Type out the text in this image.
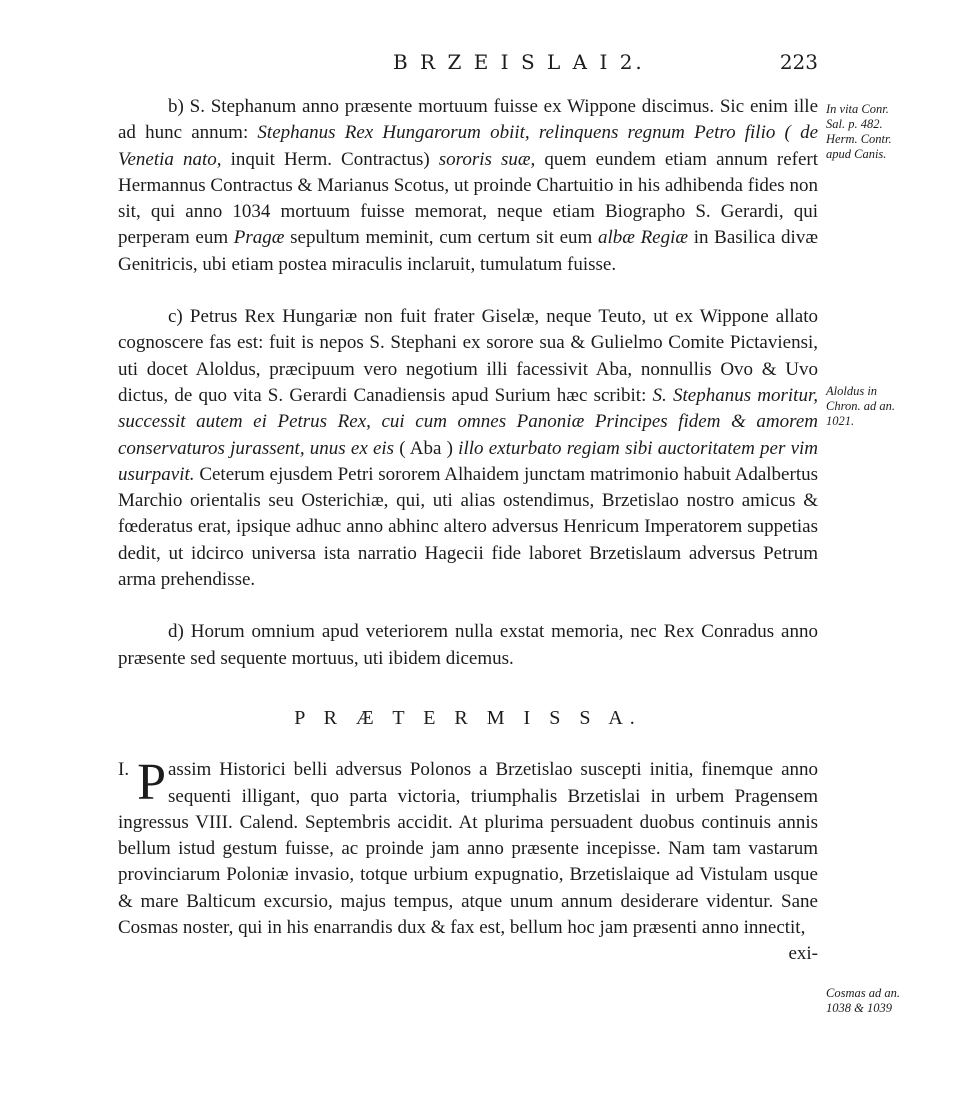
B R Z E I S L A I 2.	223

b) S. Stephanum anno præsente mortuum fuisse ex Wippone discimus. Sic enim ille ad hunc annum: Stephanus Rex Hungarorum obiit, relinquens regnum Petro filio ( de Venetia nato, inquit Herm. Contractus) sororis suæ, quem eundem etiam annum refert Hermannus Contractus & Marianus Scotus, ut proinde Chartuitio in his adhibenda fides non sit, qui anno 1034 mortuum fuisse memorat, neque etiam Biographo S. Gerardi, qui perperam eum Pragæ sepultum meminit, cum certum sit eum albæ Regiæ in Basilica divæ Genitricis, ubi etiam postea miraculis inclaruit, tumulatum fuisse.

c) Petrus Rex Hungariæ non fuit frater Giselæ, neque Teuto, ut ex Wippone allato cognoscere fas est: fuit is nepos S. Stephani ex sorore sua & Gulielmo Comite Pictaviensi, uti docet Aloldus, præcipuum vero negotium illi facessivit Aba, nonnullis Ovo & Uvo dictus, de quo vita S. Gerardi Canadiensis apud Surium hæc scribit: S. Stephanus moritur, successit autem ei Petrus Rex, cui cum omnes Panoniæ Principes fidem & amorem conservaturos jurassent, unus ex eis ( Aba ) illo exturbato regiam sibi auctoritatem per vim usurpavit. Ceterum ejusdem Petri sororem Alhaidem junctam matrimonio habuit Adalbertus Marchio orientalis seu Osterichiæ, qui, uti alias ostendimus, Brzetislao nostro amicus & fœderatus erat, ipsique adhuc anno abhinc altero adversus Henricum Imperatorem suppetias dedit, ut idcirco universa ista narratio Hagecii fide laboret Brzetislaum adversus Petrum arma prehendisse.

d) Horum omnium apud veteriorem nulla exstat memoria, nec Rex Conradus anno præsente sed sequente mortuus, uti ibidem dicemus.

P R Æ T E R M I S S A.

I. P assim Historici belli adversus Polonos a Brzetislao suscepti initia, finemque anno sequenti illigant, quo parta victoria, triumphalis Brzetislai in urbem Pragensem ingressus VIII. Calend. Septembris accidit. At plurima persuadent duobus continuis annis bellum istud gestum fuisse, ac proinde jam anno præsente incepisse. Nam tam vastarum provinciarum Poloniæ invasio, totque urbium expugnatio, Brzetislaique ad Vistulam usque & mare Balticum excursio, majus tempus, atque unum annum desiderare videntur. Sane Cosmas noster, qui in his enarrandis dux & fax est, bellum hoc jam præsenti anno innectit,

exi-

In vita Conr.
Sal. p. 482.
Herm. Contr.
apud Canis.
Aloldus in
Chron. ad an.
1021.
Cosmas ad an.
1038 & 1039
